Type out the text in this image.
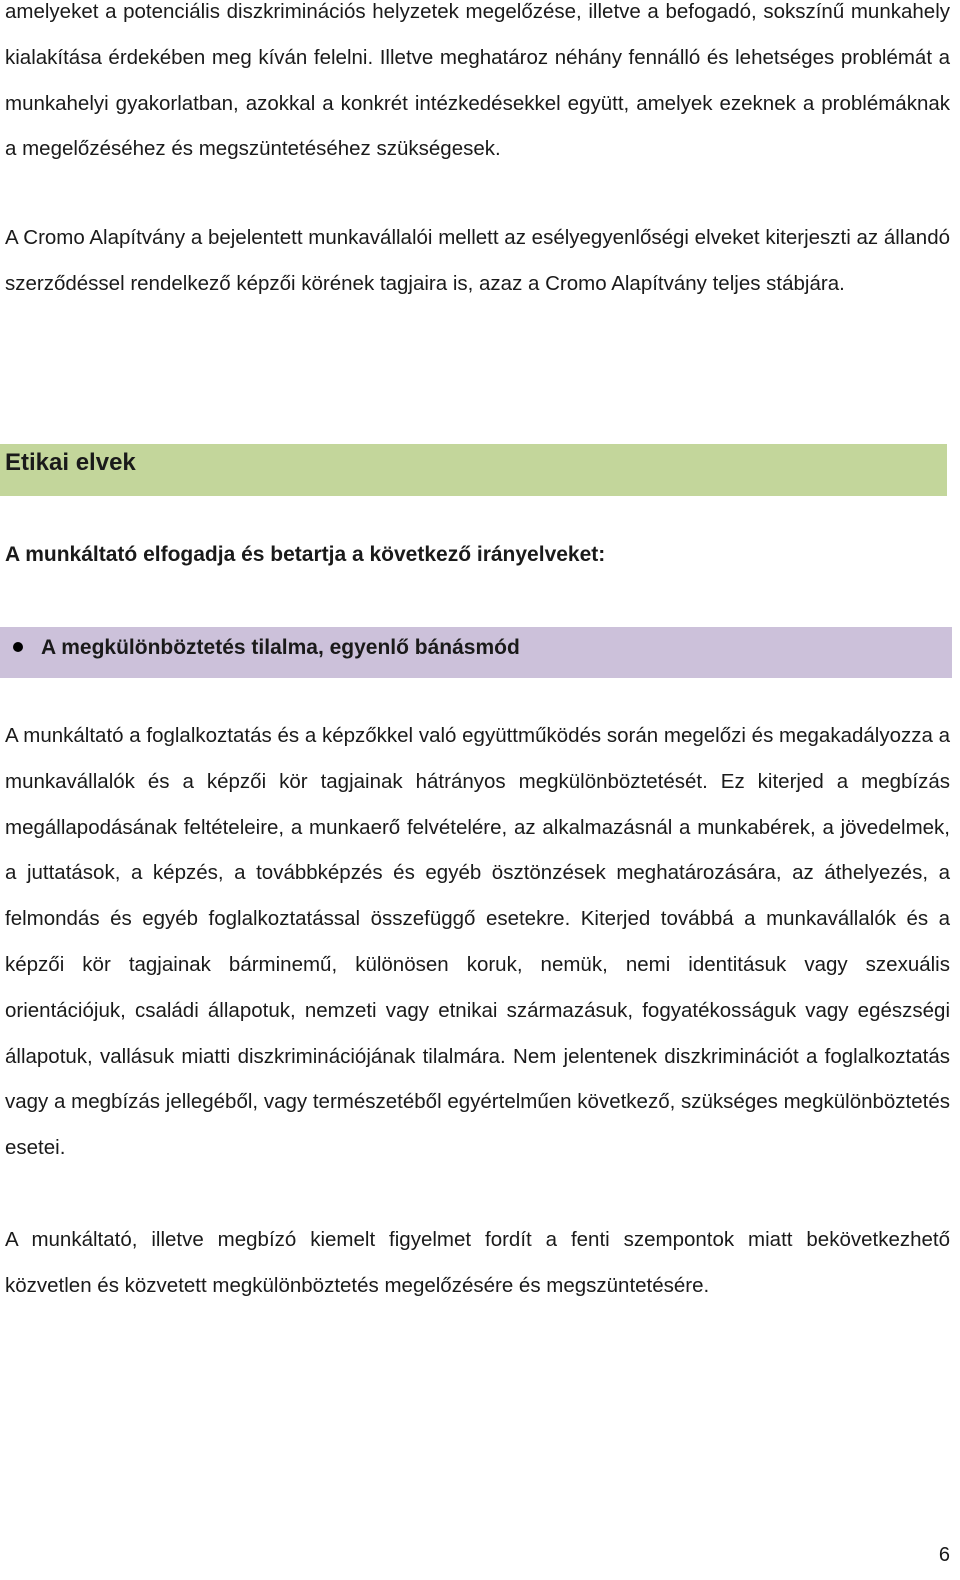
amelyeket a potenciális diszkriminációs helyzetek megelőzése, illetve a befogadó, sokszínű munkahely kialakítása érdekében meg kíván felelni. Illetve meghatároz néhány fennálló és lehetséges problémát a munkahelyi gyakorlatban, azokkal a konkrét intézkedésekkel együtt, amelyek ezeknek a problémáknak a megelőzéséhez és megszüntetéséhez szükségesek.

A Cromo Alapítvány a bejelentett munkavállalói mellett az esélyegyenlőségi elveket kiterjeszti az állandó szerződéssel rendelkező képzői körének tagjaira is, azaz a Cromo Alapítvány teljes stábjára.

Etikai elvek
A munkáltató elfogadja és betartja a következő irányelveket:
A megkülönböztetés tilalma, egyenlő bánásmód

A munkáltató a foglalkoztatás és a képzőkkel való együttműködés során megelőzi és megakadályozza a munkavállalók és a képzői kör tagjainak hátrányos megkülönböztetését. Ez kiterjed a megbízás megállapodásának feltételeire, a munkaerő felvételére, az alkalmazásnál a munkabérek, a jövedelmek, a juttatások, a képzés, a továbbképzés és egyéb ösztönzések meghatározására, az áthelyezés, a felmondás és egyéb foglalkoztatással összefüggő esetekre. Kiterjed továbbá a munkavállalók és a képzői kör tagjainak bárminemű, különösen koruk, nemük, nemi identitásuk vagy szexuális orientációjuk, családi állapotuk, nemzeti vagy etnikai származásuk, fogyatékosságuk vagy egészségi állapotuk, vallásuk miatti diszkriminációjának tilalmára. Nem jelentenek diszkriminációt a foglalkoztatás vagy a megbízás jellegéből, vagy természetéből egyértelműen következő, szükséges megkülönböztetés esetei.

A munkáltató, illetve megbízó kiemelt figyelmet fordít a fenti szempontok miatt bekövetkezhető közvetlen és közvetett megkülönböztetés megelőzésére és megszüntetésére.

6
